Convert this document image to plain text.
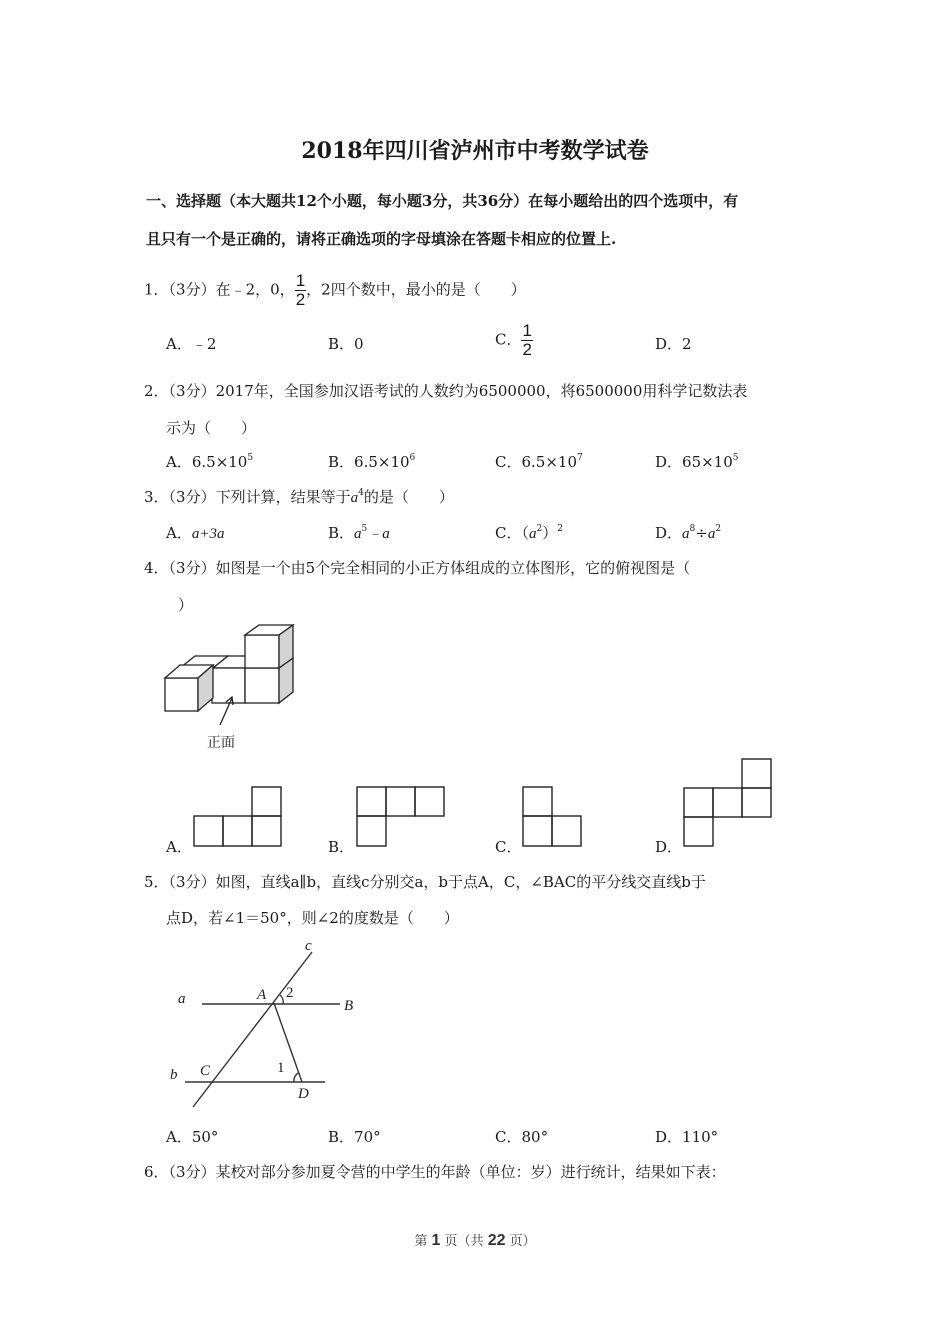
2018年四川省泸州市中考数学试卷
一、选择题（本大题共12个小题，每小题3分，共36分）在每小题给出的四个选项中，有
且只有一个是正确的，请将正确选项的字母填涂在答题卡相应的位置上.
1．（3分）在﹣2，0， $\frac{1}{2}$ ，2四个数中，最小的是（　　）
A．﹣2	B．0	C． $\frac{1}{2}$	D．2
2．（3分）2017年，全国参加汉语考试的人数约为6500000，将6500000用科学记数法表
示为（　　）
A．$6.5\times 10^5$	B．$6.5\times 10^6$	C．$6.5\times 10^7$	D．$65\times 10^5$
3．（3分）下列计算，结果等于$a^4$的是（　　）
A．a+3a	B．$a^5﹣a$	C．$(a^2)^2$	D．$a^8\div a^2$
4．（3分）如图是一个由5个完全相同的小正方体组成的立体图形，它的俯视图是（
）
正面
A．	B．	C．	D．
5．（3分）如图，直线a∥b，直线c分别交a，b于点A，C，∠BAC的平分线交直线b于
点D，若∠1＝50°，则∠2的度数是（　　）
c
a	A 2
B
b C	1
D
A．50°	B．70°	C．80°	D．110°
6．（3分）某校对部分参加夏令营的中学生的年龄（单位：岁）进行统计，结果如下表：
第 1 页（共 22 页）
